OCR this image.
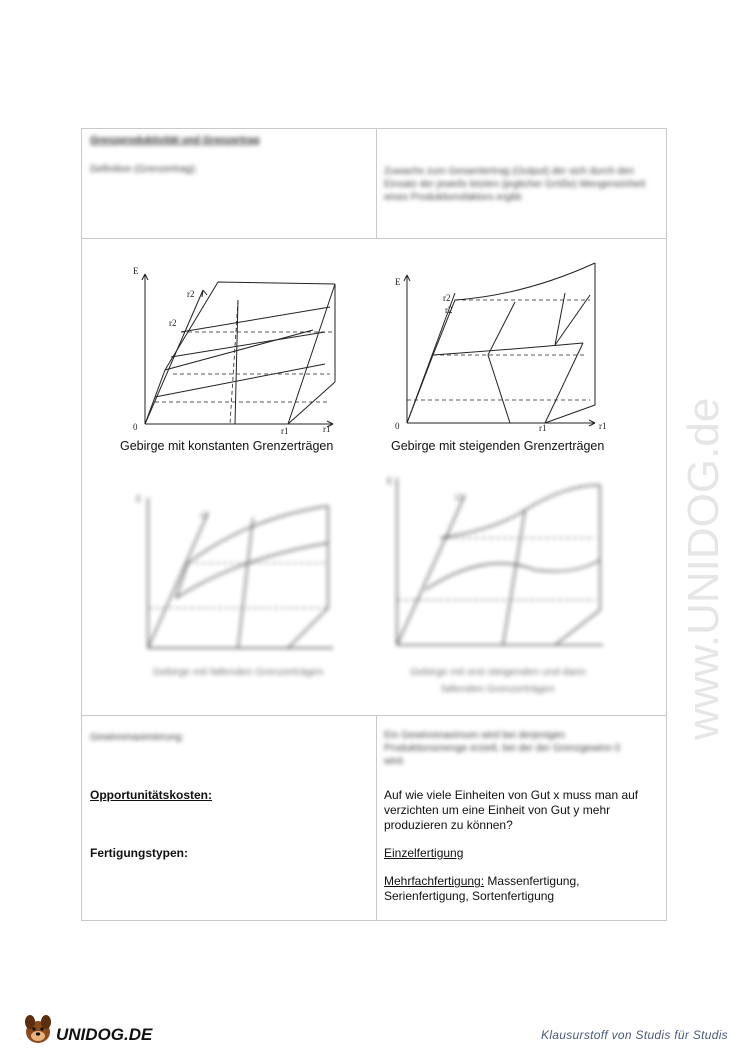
Grenzproduktivität und Grenzertrag
Definition (Grenzertrag):	Zuwachs zum Gesamtertrag (Output) der sich durch den Einsatz der jeweils letzten (jeglicher Größe) Mengeneinheit eines Produktionsfaktors ergibt
E
r2
r2
0	r1
r1
Gebirge mit konstanten Grenzerträgen
E
r2
r2
0	r1
r1
Gebirge mit steigenden Grenzerträgen
E
r2
Gebirge mit fallenden Grenzerträgen
E
r2
Gebirge mit erst steigenden und dann
fallenden Grenzerträgen
Gewinnmaximierung:	Ein Gewinnmaximum wird bei derjenigen Produktionsmenge erzielt, bei der der Grenzgewinn 0 wird.
Opportunitätskosten:	Auf wie viele Einheiten von Gut x muss man auf verzichten um eine Einheit von Gut y mehr produzieren zu können?
Fertigungstypen:	Einzelfertigung
Mehrfachfertigung: Massenfertigung, Serienfertigung, Sortenfertigung
www.UNIDOG.de
UNIDOG.DE	Klausurstoff von Studis für Studis
